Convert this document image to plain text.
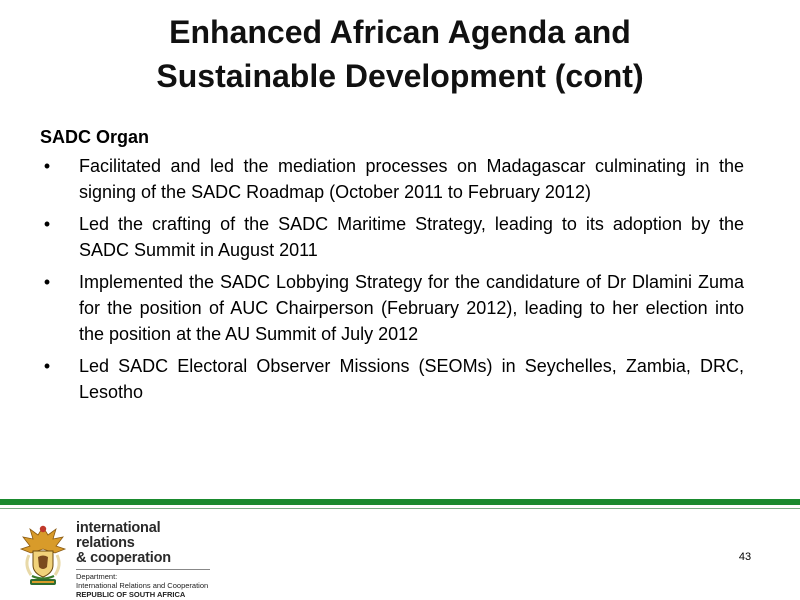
Enhanced African Agenda and
Sustainable Development (cont)
SADC Organ
• Facilitated and led the mediation processes on Madagascar culminating in the signing of the SADC Roadmap (October 2011 to February 2012)
• Led the crafting of the SADC Maritime Strategy, leading to its adoption by the SADC Summit in August 2011
• Implemented the SADC Lobbying Strategy for the candidature of Dr Dlamini Zuma for the position of AUC Chairperson (February 2012), leading to her election into the position at the AU Summit of July 2012
• Led SADC Electoral Observer Missions (SEOMs) in Seychelles, Zambia, DRC, Lesotho
international relations
& cooperation
Department:
International Relations and Cooperation
REPUBLIC OF SOUTH AFRICA
43
